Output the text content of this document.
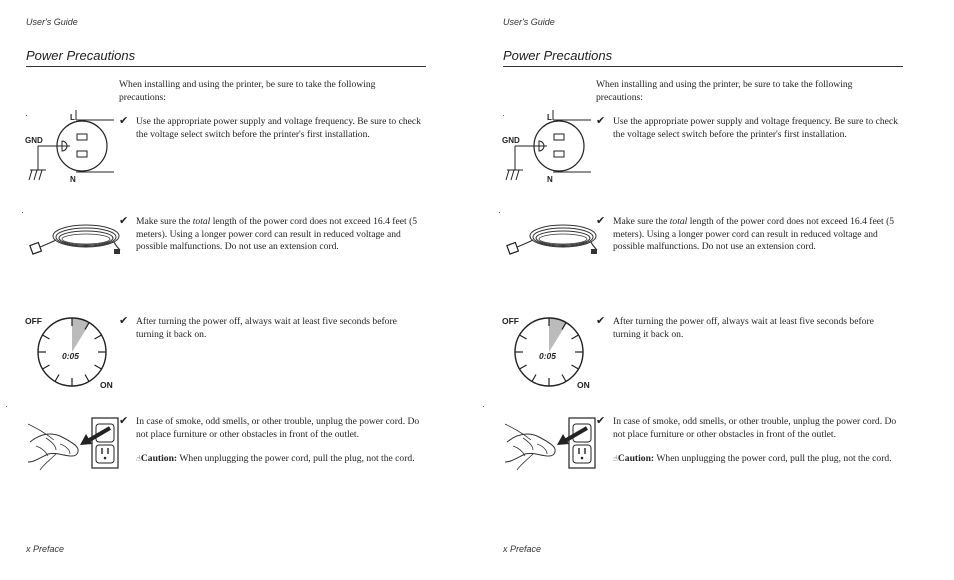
User's Guide
Power Precautions
When installing and using the printer, be sure to take the following precautions:
L
GND
N
✔ Use the appropriate power supply and voltage frequency. Be sure to check the voltage select switch before the printer's first installation.
✔ Make sure the total length of the power cord does not exceed 16.4 feet (5 meters). Using a longer power cord can result in reduced voltage and possible malfunctions. Do not use an extension cord.
OFF
0:05
ON
✔ After turning the power off, always wait at least five seconds before turning it back on.
✔ In case of smoke, odd smells, or other trouble, unplug the power cord. Do not place furniture or other obstacles in front of the outlet.
☝Caution: When unplugging the power cord, pull the plug, not the cord.
x Preface
User's Guide
Power Precautions
When installing and using the printer, be sure to take the following precautions:
L
GND
N
✔ Use the appropriate power supply and voltage frequency. Be sure to check the voltage select switch before the printer's first installation.
✔ Make sure the total length of the power cord does not exceed 16.4 feet (5 meters). Using a longer power cord can result in reduced voltage and possible malfunctions. Do not use an extension cord.
OFF
0:05
ON
✔ After turning the power off, always wait at least five seconds before turning it back on.
✔ In case of smoke, odd smells, or other trouble, unplug the power cord. Do not place furniture or other obstacles in front of the outlet.
☝Caution: When unplugging the power cord, pull the plug, not the cord.
x Preface
